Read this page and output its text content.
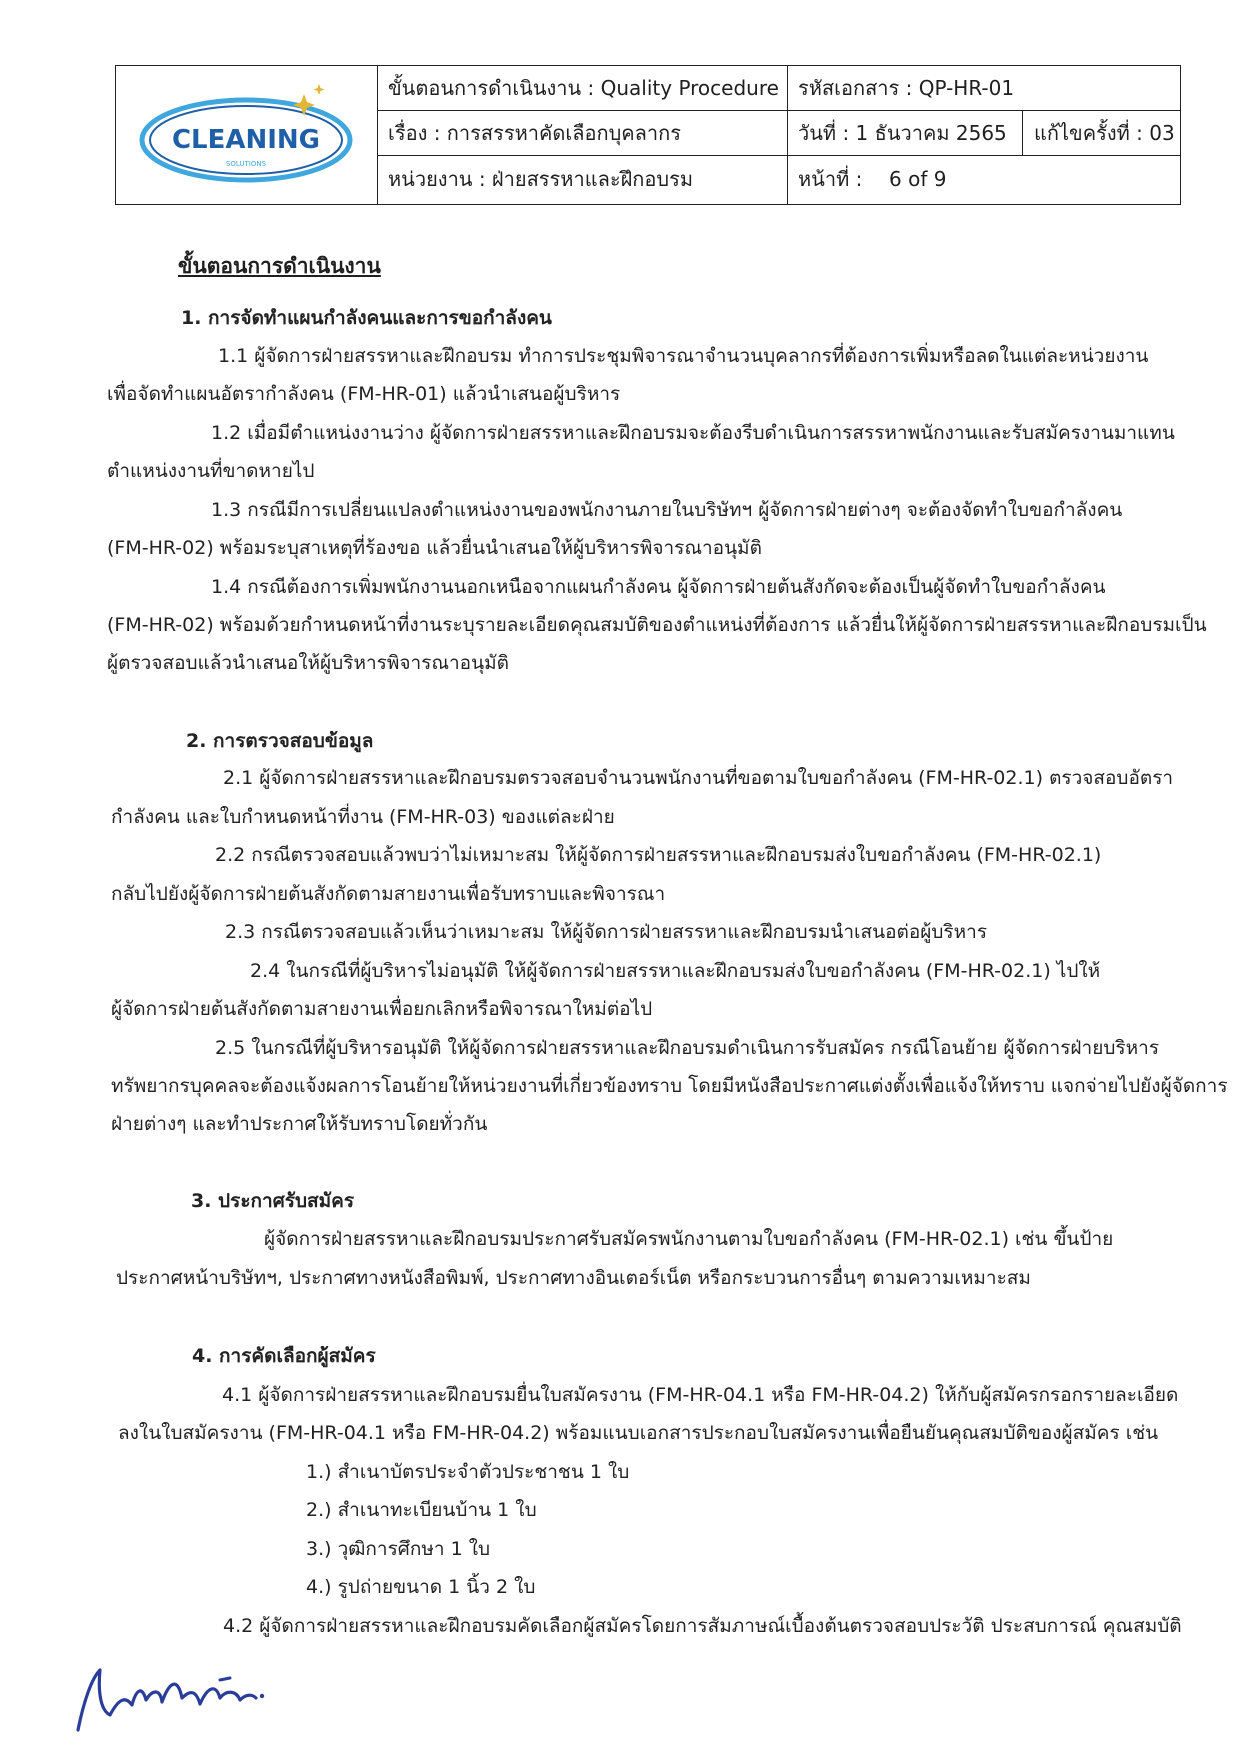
CLEANING
SOLUTIONS
ขั้นตอนการดำเนินงาน : Quality Procedure รหัสเอกสาร : QP-HR-01
เรื่อง : การสรรหาคัดเลือกบุคลากร	วันที่ : 1 ธันวาคม 2565 แก้ไขครั้งที่ : 03
หน่วยงาน : ฝ่ายสรรหาและฝึกอบรม	หน้าที่ : 6 of 9
ขั้นตอนการดำเนินงาน
1. การจัดทำแผนกำลังคนและการขอกำลังคน
1.1 ผู้จัดการฝ่ายสรรหาและฝึกอบรม ทำการประชุมพิจารณาจำนวนบุคลากรที่ต้องการเพิ่มหรือลดในแต่ละหน่วยงาน
เพื่อจัดทำแผนอัตรากำลังคน (FM-HR-01) แล้วนำเสนอผู้บริหาร
1.2 เมื่อมีตำแหน่งงานว่าง ผู้จัดการฝ่ายสรรหาและฝึกอบรมจะต้องรีบดำเนินการสรรหาพนักงานและรับสมัครงานมาแทน
ตำแหน่งงานที่ขาดหายไป
1.3 กรณีมีการเปลี่ยนแปลงตำแหน่งงานของพนักงานภายในบริษัทฯ ผู้จัดการฝ่ายต่างๆ จะต้องจัดทำใบขอกำลังคน
(FM-HR-02) พร้อมระบุสาเหตุที่ร้องขอ แล้วยื่นนำเสนอให้ผู้บริหารพิจารณาอนุมัติ
1.4 กรณีต้องการเพิ่มพนักงานนอกเหนือจากแผนกำลังคน ผู้จัดการฝ่ายต้นสังกัดจะต้องเป็นผู้จัดทำใบขอกำลังคน
(FM-HR-02) พร้อมด้วยกำหนดหน้าที่งานระบุรายละเอียดคุณสมบัติของตำแหน่งที่ต้องการ แล้วยื่นให้ผู้จัดการฝ่ายสรรหาและฝึกอบรมเป็น
ผู้ตรวจสอบแล้วนำเสนอให้ผู้บริหารพิจารณาอนุมัติ
2. การตรวจสอบข้อมูล
2.1 ผู้จัดการฝ่ายสรรหาและฝึกอบรมตรวจสอบจำนวนพนักงานที่ขอตามใบขอกำลังคน (FM-HR-02.1) ตรวจสอบอัตรา
กำลังคน และใบกำหนดหน้าที่งาน (FM-HR-03) ของแต่ละฝ่าย
2.2 กรณีตรวจสอบแล้วพบว่าไม่เหมาะสม ให้ผู้จัดการฝ่ายสรรหาและฝึกอบรมส่งใบขอกำลังคน (FM-HR-02.1)
กลับไปยังผู้จัดการฝ่ายต้นสังกัดตามสายงานเพื่อรับทราบและพิจารณา
2.3 กรณีตรวจสอบแล้วเห็นว่าเหมาะสม ให้ผู้จัดการฝ่ายสรรหาและฝึกอบรมนำเสนอต่อผู้บริหาร
2.4 ในกรณีที่ผู้บริหารไม่อนุมัติ ให้ผู้จัดการฝ่ายสรรหาและฝึกอบรมส่งใบขอกำลังคน (FM-HR-02.1) ไปให้
ผู้จัดการฝ่ายต้นสังกัดตามสายงานเพื่อยกเลิกหรือพิจารณาใหม่ต่อไป
2.5 ในกรณีที่ผู้บริหารอนุมัติ ให้ผู้จัดการฝ่ายสรรหาและฝึกอบรมดำเนินการรับสมัคร กรณีโอนย้าย ผู้จัดการฝ่ายบริหาร
ทรัพยากรบุคคลจะต้องแจ้งผลการโอนย้ายให้หน่วยงานที่เกี่ยวข้องทราบ โดยมีหนังสือประกาศแต่งตั้งเพื่อแจ้งให้ทราบ แจกจ่ายไปยังผู้จัดการ
ฝ่ายต่างๆ และทำประกาศให้รับทราบโดยทั่วกัน
3. ประกาศรับสมัคร
ผู้จัดการฝ่ายสรรหาและฝึกอบรมประกาศรับสมัครพนักงานตามใบขอกำลังคน (FM-HR-02.1) เช่น ขึ้นป้าย
ประกาศหน้าบริษัทฯ, ประกาศทางหนังสือพิมพ์, ประกาศทางอินเตอร์เน็ต หรือกระบวนการอื่นๆ ตามความเหมาะสม
4. การคัดเลือกผู้สมัคร
4.1 ผู้จัดการฝ่ายสรรหาและฝึกอบรมยื่นใบสมัครงาน (FM-HR-04.1 หรือ FM-HR-04.2) ให้กับผู้สมัครกรอกรายละเอียด
ลงในใบสมัครงาน (FM-HR-04.1 หรือ FM-HR-04.2) พร้อมแนบเอกสารประกอบใบสมัครงานเพื่อยืนยันคุณสมบัติของผู้สมัคร เช่น
1.) สำเนาบัตรประจำตัวประชาชน 1 ใบ
2.) สำเนาทะเบียนบ้าน 1 ใบ
3.) วุฒิการศึกษา 1 ใบ
4.) รูปถ่ายขนาด 1 นิ้ว 2 ใบ
4.2 ผู้จัดการฝ่ายสรรหาและฝึกอบรมคัดเลือกผู้สมัครโดยการสัมภาษณ์เบื้องต้นตรวจสอบประวัติ ประสบการณ์ คุณสมบัติ
